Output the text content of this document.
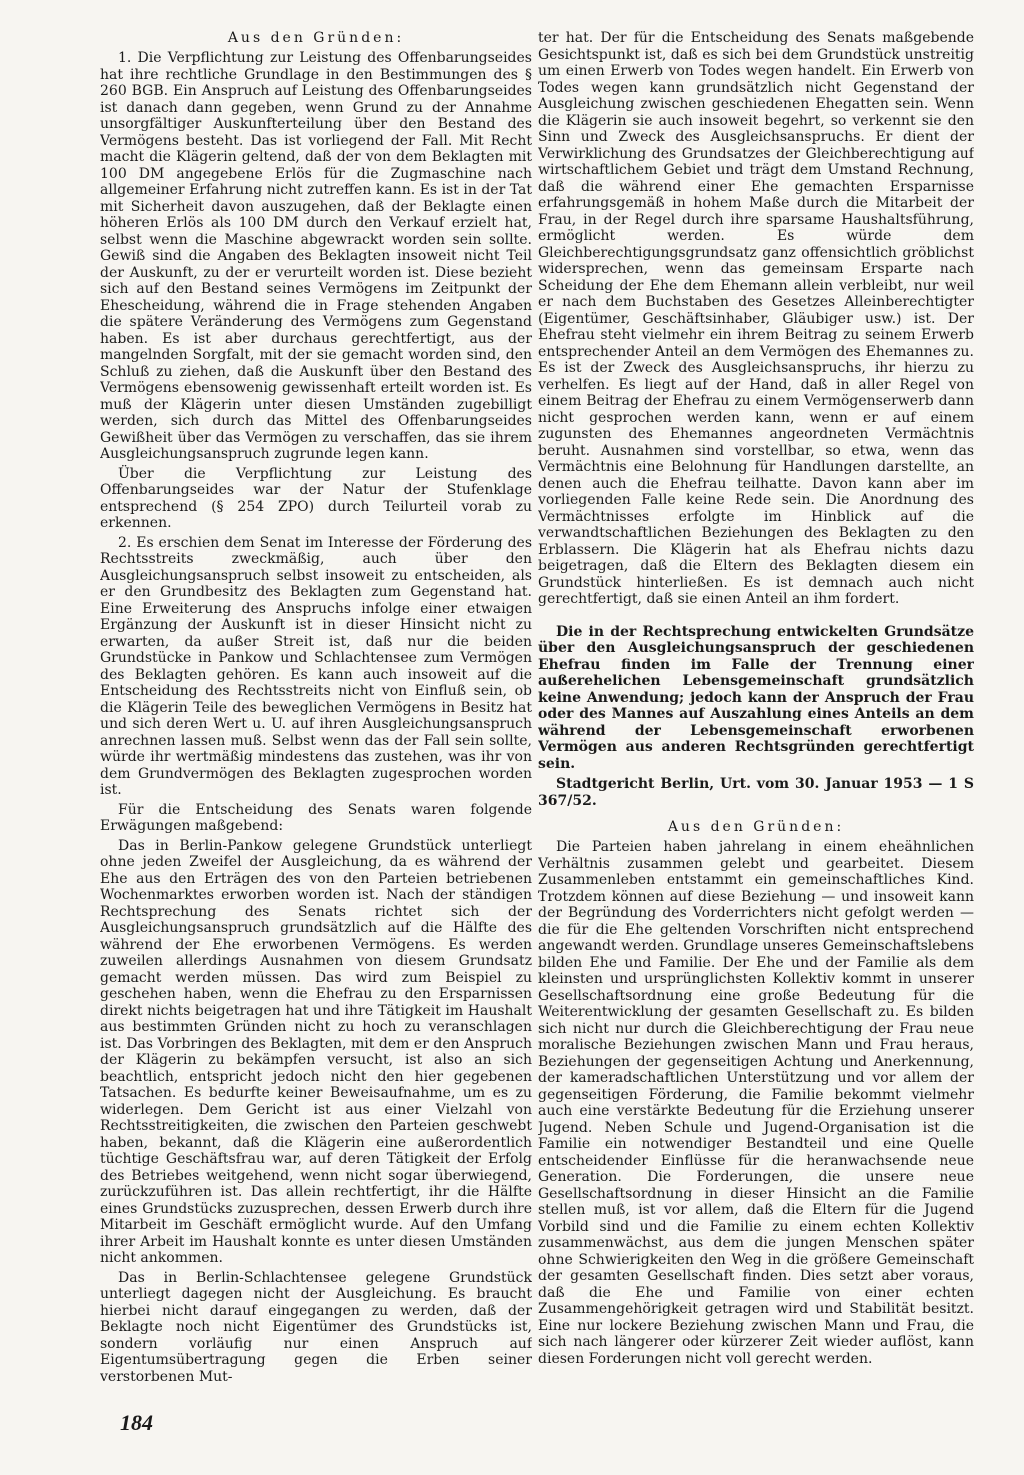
Aus den Gründen:

1. Die Verpflichtung zur Leistung des Offenbarungseides hat ihre rechtliche Grundlage in den Bestimmungen des § 260 BGB. Ein Anspruch auf Leistung des Offenbarungseides ist danach dann gegeben, wenn Grund zu der Annahme unsorgfältiger Auskunfterteilung über den Bestand des Vermögens besteht. Das ist vorliegend der Fall. Mit Recht macht die Klägerin geltend, daß der von dem Beklagten mit 100 DM angegebene Erlös für die Zugmaschine nach allgemeiner Erfahrung nicht zutreffen kann. Es ist in der Tat mit Sicherheit davon auszugehen, daß der Beklagte einen höheren Erlös als 100 DM durch den Verkauf erzielt hat, selbst wenn die Maschine abgewrackt worden sein sollte. Gewiß sind die Angaben des Beklagten insoweit nicht Teil der Auskunft, zu der er verurteilt worden ist. Diese bezieht sich auf den Bestand seines Vermögens im Zeitpunkt der Ehescheidung, während die in Frage stehenden Angaben die spätere Veränderung des Vermögens zum Gegenstand haben. Es ist aber durchaus gerechtfertigt, aus der mangelnden Sorgfalt, mit der sie gemacht worden sind, den Schluß zu ziehen, daß die Auskunft über den Bestand des Vermögens ebensowenig gewissenhaft erteilt worden ist. Es muß der Klägerin unter diesen Umständen zugebilligt werden, sich durch das Mittel des Offenbarungseides Gewißheit über das Vermögen zu verschaffen, das sie ihrem Ausgleichungsanspruch zugrunde legen kann.

Über die Verpflichtung zur Leistung des Offenbarungseides war der Natur der Stufenklage entsprechend (§ 254 ZPO) durch Teilurteil vorab zu erkennen.

2. Es erschien dem Senat im Interesse der Förderung des Rechtsstreits zweckmäßig, auch über den Ausgleichungsanspruch selbst insoweit zu entscheiden, als er den Grundbesitz des Beklagten zum Gegenstand hat. Eine Erweiterung des Anspruchs infolge einer etwaigen Ergänzung der Auskunft ist in dieser Hinsicht nicht zu erwarten, da außer Streit ist, daß nur die beiden Grundstücke in Pankow und Schlachtensee zum Vermögen des Beklagten gehören. Es kann auch insoweit auf die Entscheidung des Rechtsstreits nicht von Einfluß sein, ob die Klägerin Teile des beweglichen Vermögens in Besitz hat und sich deren Wert u. U. auf ihren Ausgleichungsanspruch anrechnen lassen muß. Selbst wenn das der Fall sein sollte, würde ihr wertmäßig mindestens das zustehen, was ihr von dem Grundvermögen des Beklagten zugesprochen worden ist.

Für die Entscheidung des Senats waren folgende Erwägungen maßgebend:

Das in Berlin-Pankow gelegene Grundstück unterliegt ohne jeden Zweifel der Ausgleichung, da es während der Ehe aus den Erträgen des von den Parteien betriebenen Wochenmarktes erworben worden ist. Nach der ständigen Rechtsprechung des Senats richtet sich der Ausgleichungsanspruch grundsätzlich auf die Hälfte des während der Ehe erworbenen Vermögens. Es werden zuweilen allerdings Ausnahmen von diesem Grundsatz gemacht werden müssen. Das wird zum Beispiel zu geschehen haben, wenn die Ehefrau zu den Ersparnissen direkt nichts beigetragen hat und ihre Tätigkeit im Haushalt aus bestimmten Gründen nicht zu hoch zu veranschlagen ist. Das Vorbringen des Beklagten, mit dem er den Anspruch der Klägerin zu bekämpfen versucht, ist also an sich beachtlich, entspricht jedoch nicht den hier gegebenen Tatsachen. Es bedurfte keiner Beweisaufnahme, um es zu widerlegen. Dem Gericht ist aus einer Vielzahl von Rechtsstreitigkeiten, die zwischen den Parteien geschwebt haben, bekannt, daß die Klägerin eine außerordentlich tüchtige Geschäftsfrau war, auf deren Tätigkeit der Erfolg des Betriebes weitgehend, wenn nicht sogar überwiegend, zurückzuführen ist. Das allein rechtfertigt, ihr die Hälfte eines Grundstücks zuzusprechen, dessen Erwerb durch ihre Mitarbeit im Geschäft ermöglicht wurde. Auf den Umfang ihrer Arbeit im Haushalt konnte es unter diesen Umständen nicht ankommen.

Das in Berlin-Schlachtensee gelegene Grundstück unterliegt dagegen nicht der Ausgleichung. Es braucht hierbei nicht darauf eingegangen zu werden, daß der Beklagte noch nicht Eigentümer des Grundstücks ist, sondern vorläufig nur einen Anspruch auf Eigentumsübertragung gegen die Erben seiner verstorbenen Mut-

ter hat. Der für die Entscheidung des Senats maßgebende Gesichtspunkt ist, daß es sich bei dem Grundstück unstreitig um einen Erwerb von Todes wegen handelt. Ein Erwerb von Todes wegen kann grundsätzlich nicht Gegenstand der Ausgleichung zwischen geschiedenen Ehegatten sein. Wenn die Klägerin sie auch insoweit begehrt, so verkennt sie den Sinn und Zweck des Ausgleichsanspruchs. Er dient der Verwirklichung des Grundsatzes der Gleichberechtigung auf wirtschaftlichem Gebiet und trägt dem Umstand Rechnung, daß die während einer Ehe gemachten Ersparnisse erfahrungsgemäß in hohem Maße durch die Mitarbeit der Frau, in der Regel durch ihre sparsame Haushaltsführung, ermöglicht werden. Es würde dem Gleichberechtigungsgrundsatz ganz offensichtlich gröblichst widersprechen, wenn das gemeinsam Ersparte nach Scheidung der Ehe dem Ehemann allein verbleibt, nur weil er nach dem Buchstaben des Gesetzes Alleinberechtigter (Eigentümer, Geschäftsinhaber, Gläubiger usw.) ist. Der Ehefrau steht vielmehr ein ihrem Beitrag zu seinem Erwerb entsprechender Anteil an dem Vermögen des Ehemannes zu. Es ist der Zweck des Ausgleichsanspruchs, ihr hierzu zu verhelfen. Es liegt auf der Hand, daß in aller Regel von einem Beitrag der Ehefrau zu einem Vermögenserwerb dann nicht gesprochen werden kann, wenn er auf einem zugunsten des Ehemannes angeordneten Vermächtnis beruht. Ausnahmen sind vorstellbar, so etwa, wenn das Vermächtnis eine Belohnung für Handlungen darstellte, an denen auch die Ehefrau teilhatte. Davon kann aber im vorliegenden Falle keine Rede sein. Die Anordnung des Vermächtnisses erfolgte im Hinblick auf die verwandtschaftlichen Beziehungen des Beklagten zu den Erblassern. Die Klägerin hat als Ehefrau nichts dazu beigetragen, daß die Eltern des Beklagten diesem ein Grundstück hinterließen. Es ist demnach auch nicht gerechtfertigt, daß sie einen Anteil an ihm fordert.

Die in der Rechtsprechung entwickelten Grundsätze über den Ausgleichungsanspruch der geschiedenen Ehefrau finden im Falle der Trennung einer außerehelichen Lebensgemeinschaft grundsätzlich keine Anwendung; jedoch kann der Anspruch der Frau oder des Mannes auf Auszahlung eines Anteils an dem während der Lebensgemeinschaft erworbenen Vermögen aus anderen Rechtsgründen gerechtfertigt sein.

Stadtgericht Berlin, Urt. vom 30. Januar 1953 — 1 S 367/52.

Aus den Gründen:

Die Parteien haben jahrelang in einem eheähnlichen Verhältnis zusammen gelebt und gearbeitet. Diesem Zusammenleben entstammt ein gemeinschaftliches Kind. Trotzdem können auf diese Beziehung — und insoweit kann der Begründung des Vorderrichters nicht gefolgt werden — die für die Ehe geltenden Vorschriften nicht entsprechend angewandt werden. Grundlage unseres Gemeinschaftslebens bilden Ehe und Familie. Der Ehe und der Familie als dem kleinsten und ursprünglichsten Kollektiv kommt in unserer Gesellschaftsordnung eine große Bedeutung für die Weiterentwicklung der gesamten Gesellschaft zu. Es bilden sich nicht nur durch die Gleichberechtigung der Frau neue moralische Beziehungen zwischen Mann und Frau heraus, Beziehungen der gegenseitigen Achtung und Anerkennung, der kameradschaftlichen Unterstützung und vor allem der gegenseitigen Förderung, die Familie bekommt vielmehr auch eine verstärkte Bedeutung für die Erziehung unserer Jugend. Neben Schule und Jugend-Organisation ist die Familie ein notwendiger Bestandteil und eine Quelle entscheidender Einflüsse für die heranwachsende neue Generation. Die Forderungen, die unsere neue Gesellschaftsordnung in dieser Hinsicht an die Familie stellen muß, ist vor allem, daß die Eltern für die Jugend Vorbild sind und die Familie zu einem echten Kollektiv zusammenwächst, aus dem die jungen Menschen später ohne Schwierigkeiten den Weg in die größere Gemeinschaft der gesamten Gesellschaft finden. Dies setzt aber voraus, daß die Ehe und Familie von einer echten Zusammengehörigkeit getragen wird und Stabilität besitzt. Eine nur lockere Beziehung zwischen Mann und Frau, die sich nach längerer oder kürzerer Zeit wieder auflöst, kann diesen Forderungen nicht voll gerecht werden.

184
